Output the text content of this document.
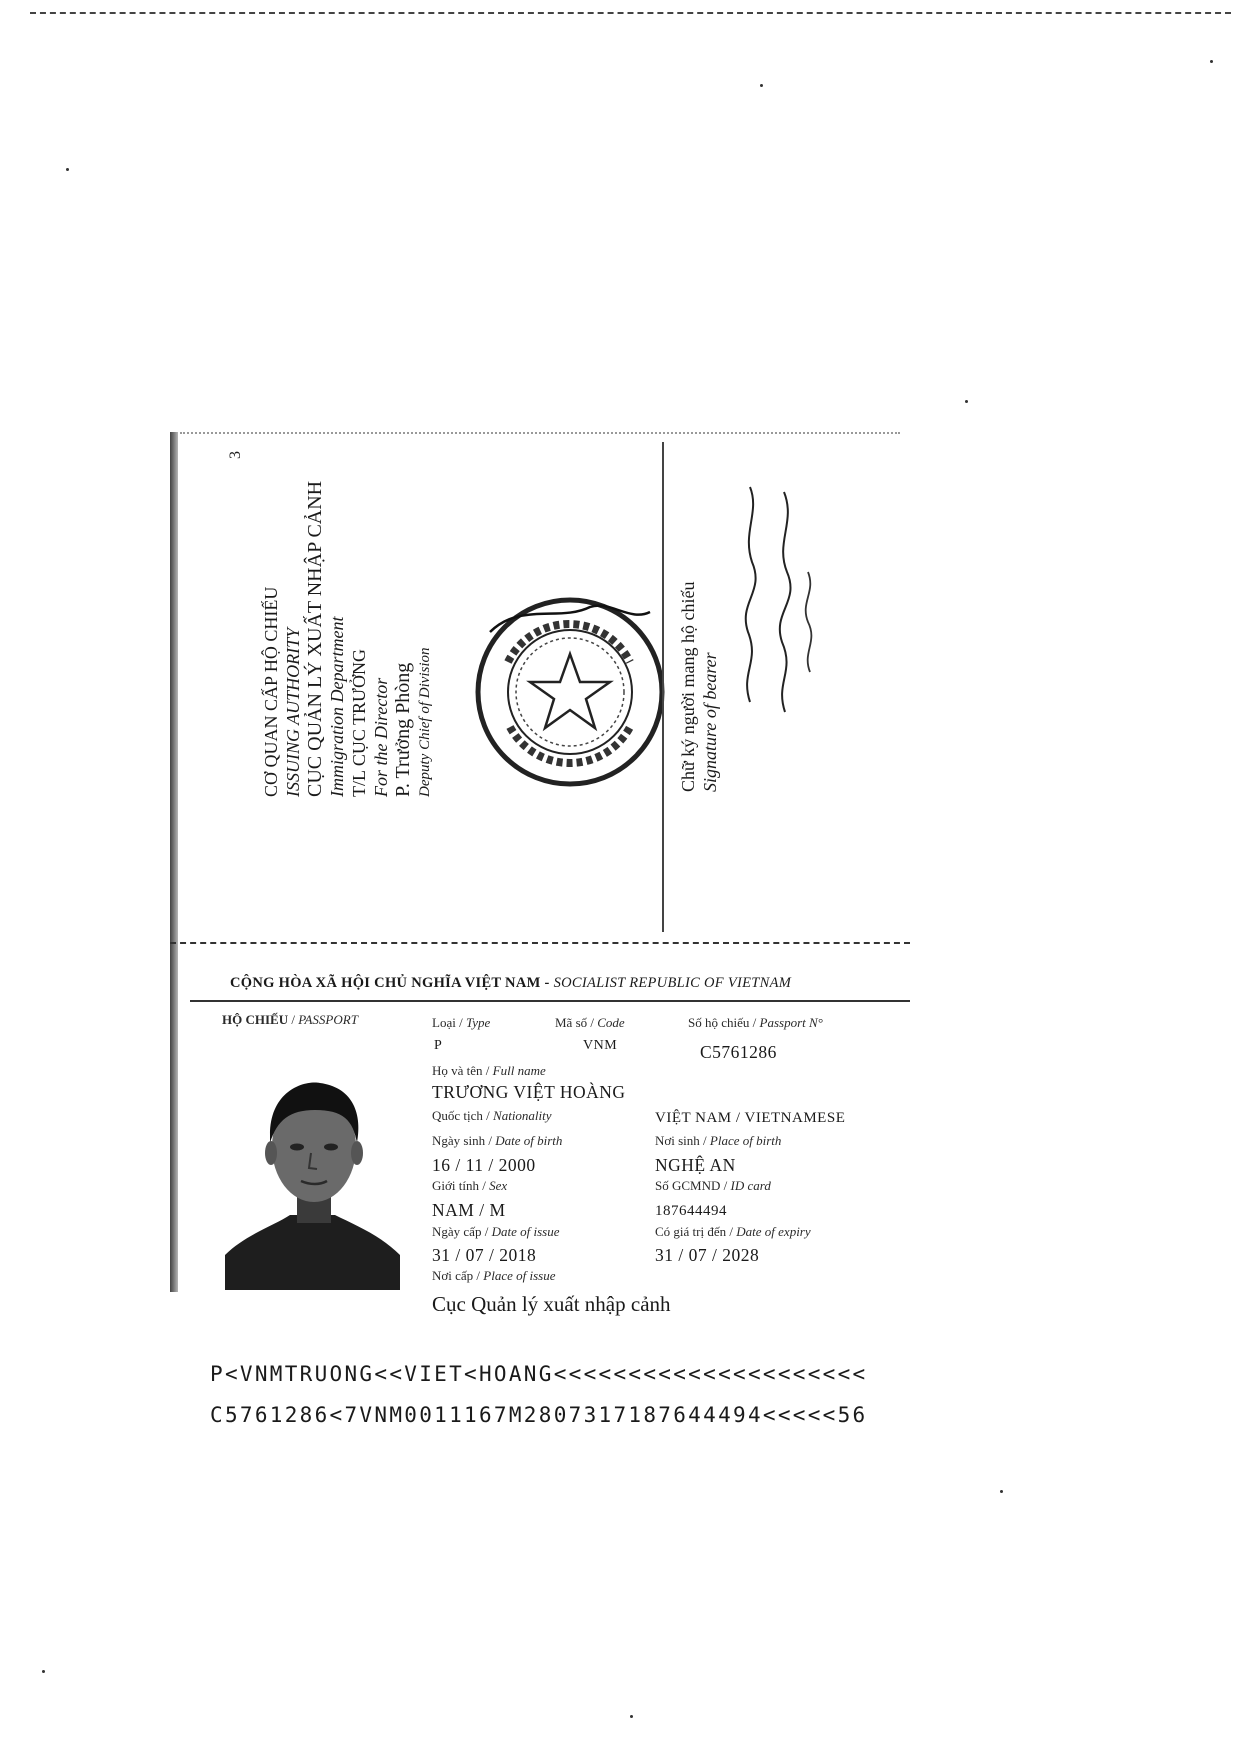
3
CƠ QUAN CẤP HỘ CHIẾU ISSUING AUTHORITY CỤC QUẢN LÝ XUẤT NHẬP CẢNH Immigration Department T/L CỤC TRƯỞNG For the Director P. Trưởng Phòng Deputy Chief of Division	Chữ ký người mang hộ chiếu Signature of bearer
CỘNG HÒA XÃ HỘI CHỦ NGHĨA VIỆT NAM - SOCIALIST REPUBLIC OF VIETNAM
HỘ CHIẾU / PASSPORT	Loại / Type
P
Mã số / Code
VNM
Số hộ chiếu / Passport N°
C5761286
Họ và tên / Full name
TRƯƠNG VIỆT HOÀNG
Quốc tịch / Nationality	VIỆT NAM / VIETNAMESE
Ngày sinh / Date of birth
16 / 11 / 2000
Nơi sinh / Place of birth
NGHỆ AN
Giới tính / Sex
NAM / M
Số GCMND / ID card
187644494
Ngày cấp / Date of issue
31 / 07 / 2018
Có giá trị đến / Date of expiry
31 / 07 / 2028
Nơi cấp / Place of issue
Cục Quản lý xuất nhập cảnh
P<VNMTRUONG<<VIET<HOANG<<<<<<<<<<<<<<<<<<<<<
C5761286<7VNM0011167M2807317187644494<<<<<56
